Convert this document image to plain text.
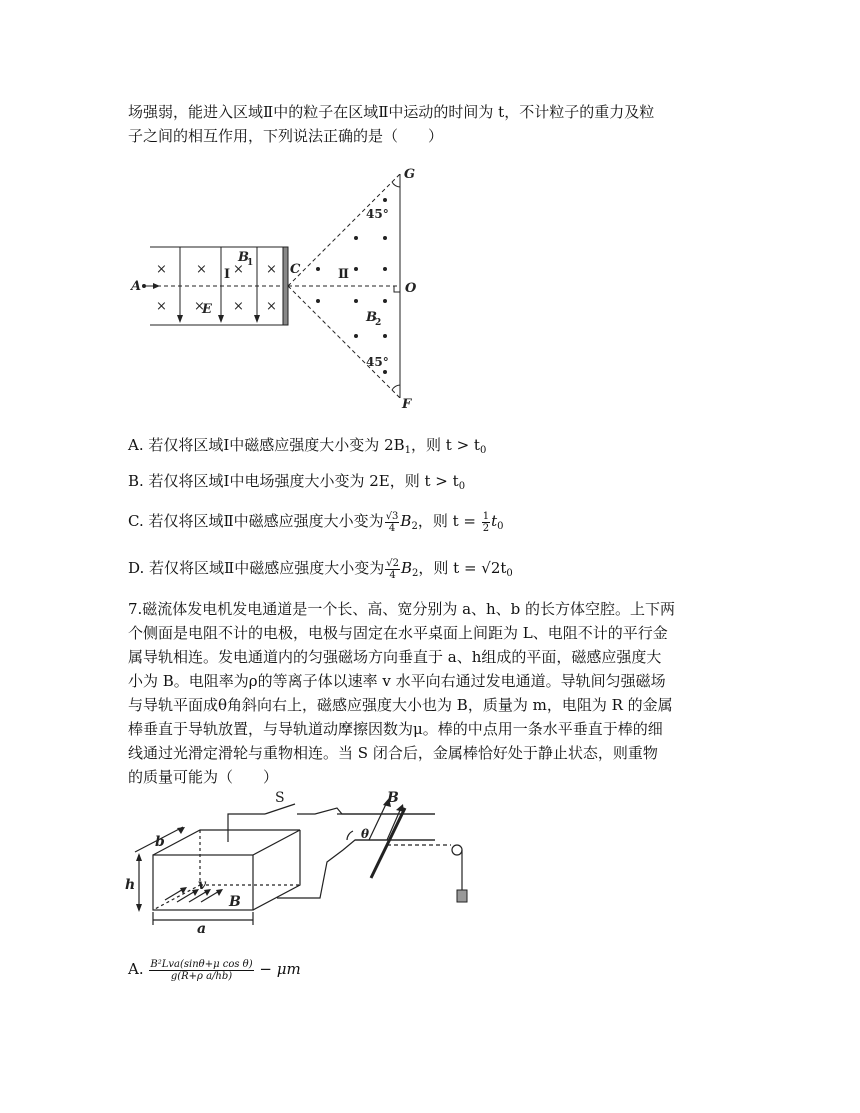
场强弱，能进入区域Ⅱ中的粒子在区域Ⅱ中运动的时间为 t，不计粒子的重力及粒
子之间的相互作用，下列说法正确的是（　　）
× × × ×
× × × ×
A
E
C
O
G
F
B
1
B
2
Ⅰ	Ⅱ
45°
45°
A. 若仅将区域Ⅰ中磁感应强度大小变为 $2B_1$，则 $t > t_0$
B. 若仅将区域Ⅰ中电场强度大小变为 2E，则 $t > t_0$
C. 若仅将区域Ⅱ中磁感应强度大小变为 $\frac{√3}{4} B_2$，则 $t = \frac{1}{2} t_0$
D. 若仅将区域Ⅱ中磁感应强度大小变为 $\frac{√2}{4} B_2$，则 $t = √2t_0$
7.磁流体发电机发电通道是一个长、高、宽分别为 a、h、b 的长方体空腔。上下两
个侧面是电阻不计的电极，电极与固定在水平桌面上间距为 L、电阻不计的平行金
属导轨相连。发电通道内的匀强磁场方向垂直于 a、h组成的平面，磁感应强度大
小为 B。电阻率为ρ的等离子体以速率 v 水平向右通过发电通道。导轨间匀强磁场
与导轨平面成θ角斜向右上，磁感应强度大小也为 B，质量为 m，电阻为 R 的金属
棒垂直于导轨放置，与导轨道动摩擦因数为μ。棒的中点用一条水平垂直于棒的细
线通过光滑定滑轮与重物相连。当 S 闭合后，金属棒恰好处于静止状态，则重物
的质量可能为（　　）
S	B
θ
b
h	v
B
a
A. $\frac{\text{B²Lva(sinθ+μ cos θ)}}{\text{g(R+ρ a/hb)}} - \mu m$
